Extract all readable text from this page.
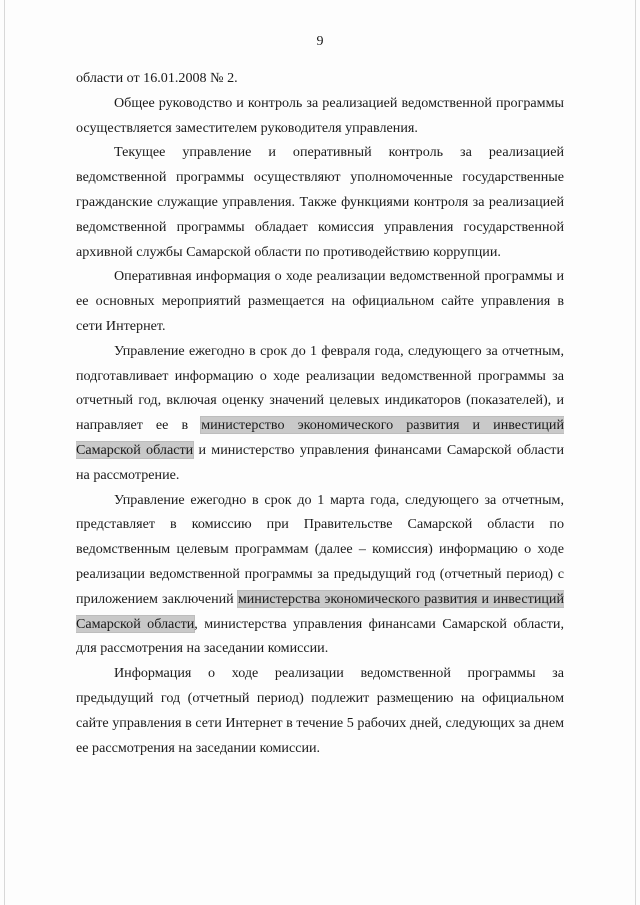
9

области от 16.01.2008 № 2.

Общее руководство и контроль за реализацией ведомственной программы осуществляется заместителем руководителя управления.

Текущее управление и оперативный контроль за реализацией ведомственной программы осуществляют уполномоченные государственные гражданские служащие управления. Также функциями контроля за реализацией ведомственной программы обладает комиссия управления государственной архивной службы Самарской области по противодействию коррупции.

Оперативная информация о ходе реализации ведомственной программы и ее основных мероприятий размещается на официальном сайте управления в сети Интернет.

Управление ежегодно в срок до 1 февраля года, следующего за отчетным, подготавливает информацию о ходе реализации ведомственной программы за отчетный год, включая оценку значений целевых индикаторов (показателей), и направляет ее в министерство экономического развития и инвестиций Самарской области и министерство управления финансами Самарской области на рассмотрение.

Управление ежегодно в срок до 1 марта года, следующего за отчетным, представляет в комиссию при Правительстве Самарской области по ведомственным целевым программам (далее – комиссия) информацию о ходе реализации ведомственной программы за предыдущий год (отчетный период) с приложением заключений министерства экономического развития и инвестиций Самарской области, министерства управления финансами Самарской области, для рассмотрения на заседании комиссии.

Информация о ходе реализации ведомственной программы за предыдущий год (отчетный период) подлежит размещению на официальном сайте управления в сети Интернет в течение 5 рабочих дней, следующих за днем ее рассмотрения на заседании комиссии.
